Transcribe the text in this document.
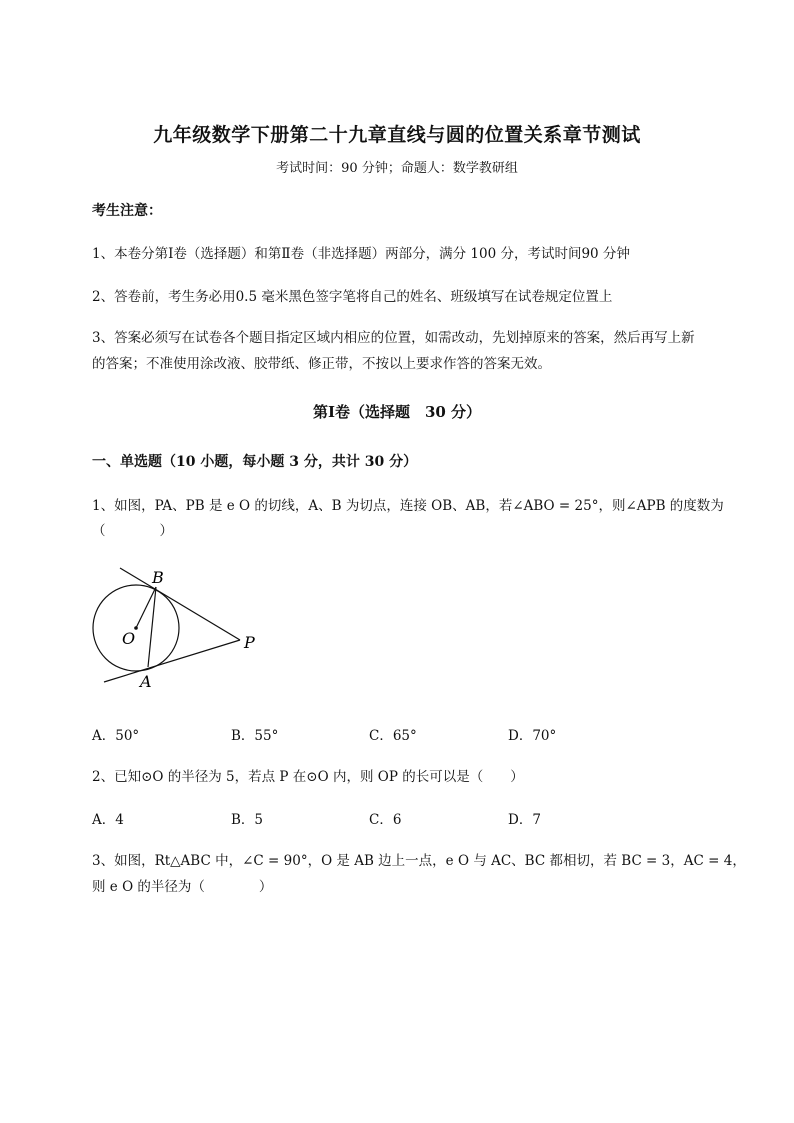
九年级数学下册第二十九章直线与圆的位置关系章节测试
考试时间：90 分钟；命题人：数学教研组
考生注意：
1、本卷分第Ⅰ卷（选择题）和第Ⅱ卷（非选择题）两部分，满分 100 分，考试时间90 分钟
2、答卷前，考生务必用0.5 毫米黑色签字笔将自己的姓名、班级填写在试卷规定位置上
3、答案必须写在试卷各个题目指定区域内相应的位置，如需改动，先划掉原来的答案，然后再写上新
的答案；不准使用涂改液、胶带纸、修正带，不按以上要求作答的答案无效。
第Ⅰ卷（选择题　30 分）
一、单选题（10 小题，每小题 3 分，共计 30 分）
1、如图，PA、PB 是 e O 的切线，A、B 为切点，连接 OB、AB，若∠ABO = 25°，则∠APB 的度数为
（　　　　）
B
O	P
A
A．50°	B．55°	C．65°	D．70°
2、已知⊙O 的半径为 5，若点 P 在⊙O 内，则 OP 的长可以是（　　）
A．4	B．5	C．6	D．7
3、如图，Rt△ABC 中，∠C = 90°，O 是 AB 边上一点，e O 与 AC、BC 都相切，若 BC = 3，AC = 4，
则 e O 的半径为（　　　　）
